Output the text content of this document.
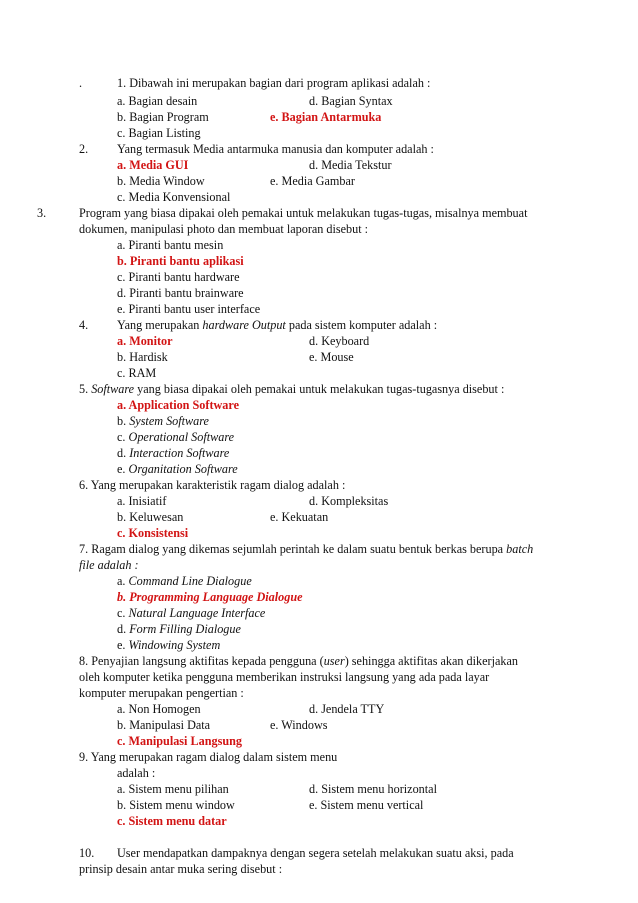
.	1. Dibawah ini merupakan bagian dari program aplikasi adalah :
a. Bagian desain	d. Bagian Syntax
b. Bagian Program	e. Bagian Antarmuka
c. Bagian Listing
2. Yang termasuk Media antarmuka manusia dan komputer adalah :
a. Media GUI	d. Media Tekstur
b. Media Window	e. Media Gambar
c. Media Konvensional
3.	Program yang biasa dipakai oleh pemakai untuk melakukan tugas-tugas, misalnya membuat
dokumen, manipulasi photo dan membuat laporan disebut :
a. Piranti bantu mesin
b. Piranti bantu aplikasi
c. Piranti bantu hardware
d. Piranti bantu brainware
e. Piranti bantu user interface
4. Yang merupakan hardware Output pada sistem komputer adalah :
a. Monitor	d. Keyboard
b. Hardisk	e. Mouse
c. RAM
5. Software yang biasa dipakai oleh pemakai untuk melakukan tugas-tugasnya disebut :
a. Application Software
b. System Software
c. Operational Software
d. Interaction Software
e. Organitation Software
6. Yang merupakan karakteristik ragam dialog adalah :
a. Inisiatif	d. Kompleksitas
b. Keluwesan	e. Kekuatan
c. Konsistensi
7. Ragam dialog yang dikemas sejumlah perintah ke dalam suatu bentuk berkas berupa batch
file adalah :
a. Command Line Dialogue
b. Programming Language Dialogue
c. Natural Language Interface
d. Form Filling Dialogue
e. Windowing System
8. Penyajian langsung aktifitas kepada pengguna (user) sehingga aktifitas akan dikerjakan
oleh komputer ketika pengguna memberikan instruksi langsung yang ada pada layar
komputer merupakan pengertian :
a. Non Homogen	d. Jendela TTY
b. Manipulasi Data	e. Windows
c. Manipulasi Langsung
9. Yang merupakan ragam dialog dalam sistem menu
adalah :
a. Sistem menu pilihan	d. Sistem menu horizontal
b. Sistem menu window	e. Sistem menu vertical
c. Sistem menu datar
10. User mendapatkan dampaknya dengan segera setelah melakukan suatu aksi, pada
prinsip desain antar muka sering disebut :
